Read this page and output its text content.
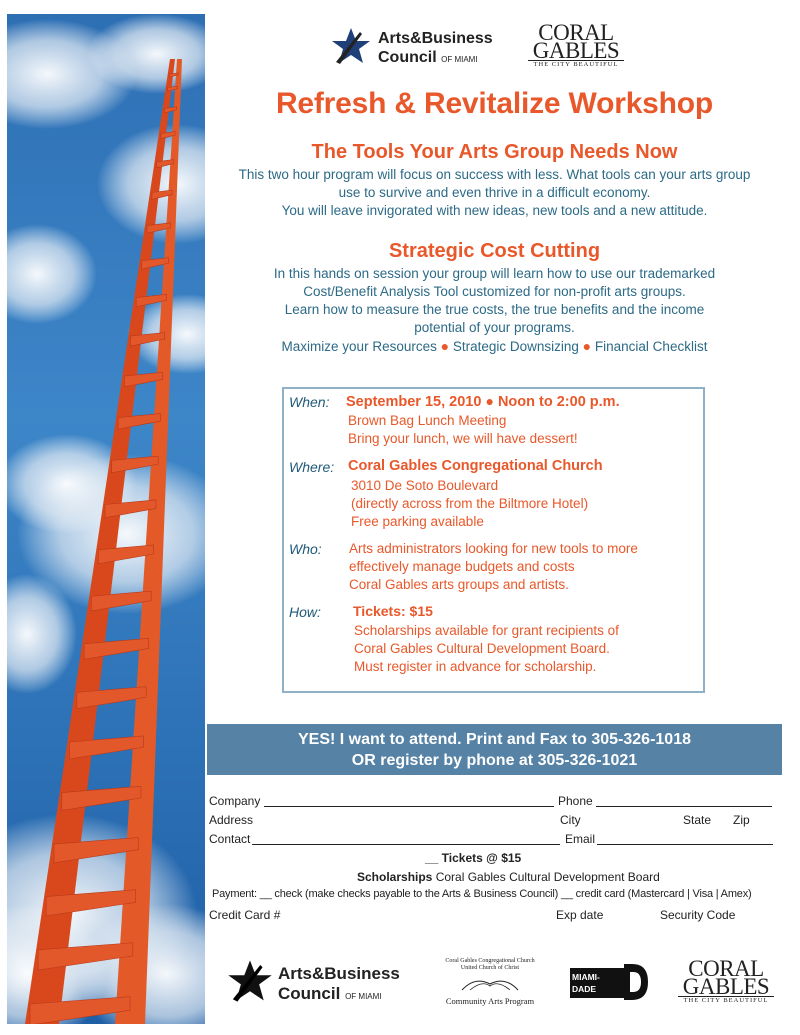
Arts&Business
Council OF MIAMI
CORAL
GABLES
THE CITY BEAUTIFUL
Refresh & Revitalize Workshop
The Tools Your Arts Group Needs Now
This two hour program will focus on success with less. What tools can your arts group
use to survive and even thrive in a difficult economy.
You will leave invigorated with new ideas, new tools and a new attitude.
Strategic Cost Cutting
In this hands on session your group will learn how to use our trademarked
Cost/Benefit Analysis Tool customized for non-profit arts groups.
Learn how to measure the true costs, the true benefits and the income
potential of your programs.
Maximize your Resources ● Strategic Downsizing ● Financial Checklist
When: September 15, 2010 ● Noon to 2:00 p.m.
Brown Bag Lunch Meeting
Bring your lunch, we will have dessert!
Where: Coral Gables Congregational Church
3010 De Soto Boulevard
(directly across from the Biltmore Hotel)
Free parking available
Who: Arts administrators looking for new tools to more
effectively manage budgets and costs
Coral Gables arts groups and artists.
How: Tickets: $15
Scholarships available for grant recipients of
Coral Gables Cultural Development Board.
Must register in advance for scholarship.
YES! I want to attend. Print and Fax to 305-326-1018
OR register by phone at 305-326-1021
Company	Phone
Address	City	State Zip
Contact	Email
__ Tickets @ $15
Scholarships Coral Gables Cultural Development Board
Payment: __ check (make checks payable to the Arts & Business Council) __ credit card (Mastercard | Visa | Amex)
Credit Card #	Exp date	Security Code
Arts&Business
Council OF MIAMI
Coral Gables Congregational Church
United Church of Christ
Community Arts Program
MIAMI-DADE
COUNTY
CORAL
GABLES
THE CITY BEAUTIFUL
